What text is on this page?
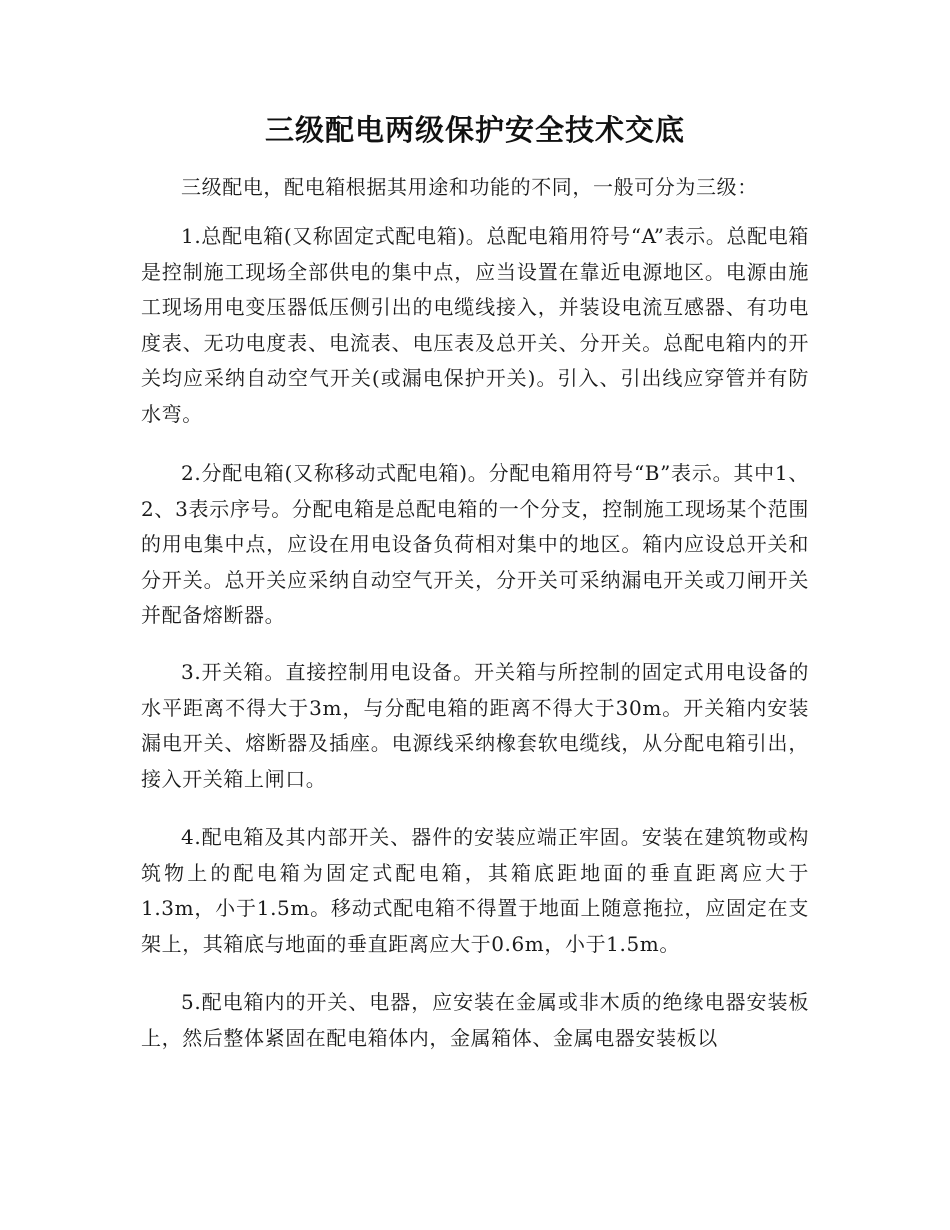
三级配电两级保护安全技术交底

三级配电，配电箱根据其用途和功能的不同，一般可分为三级：

1.总配电箱(又称固定式配电箱)。总配电箱用符号“A”表示。总配电箱是控制施工现场全部供电的集中点，应当设置在靠近电源地区。电源由施工现场用电变压器低压侧引出的电缆线接入，并装设电流互感器、有功电度表、无功电度表、电流表、电压表及总开关、分开关。总配电箱内的开关均应采纳自动空气开关(或漏电保护开关)。引入、引出线应穿管并有防水弯。

2.分配电箱(又称移动式配电箱)。分配电箱用符号“B”表示。其中1、2、3表示序号。分配电箱是总配电箱的一个分支，控制施工现场某个范围的用电集中点，应设在用电设备负荷相对集中的地区。箱内应设总开关和分开关。总开关应采纳自动空气开关，分开关可采纳漏电开关或刀闸开关并配备熔断器。

3.开关箱。直接控制用电设备。开关箱与所控制的固定式用电设备的水平距离不得大于3m，与分配电箱的距离不得大于30m。开关箱内安装漏电开关、熔断器及插座。电源线采纳橡套软电缆线，从分配电箱引出，接入开关箱上闸口。

4.配电箱及其内部开关、器件的安装应端正牢固。安装在建筑物或构筑物上的配电箱为固定式配电箱，其箱底距地面的垂直距离应大于1.3m，小于1.5m。移动式配电箱不得置于地面上随意拖拉，应固定在支架上，其箱底与地面的垂直距离应大于0.6m，小于1.5m。

5.配电箱内的开关、电器，应安装在金属或非木质的绝缘电器安装板上，然后整体紧固在配电箱体内，金属箱体、金属电器安装板以
